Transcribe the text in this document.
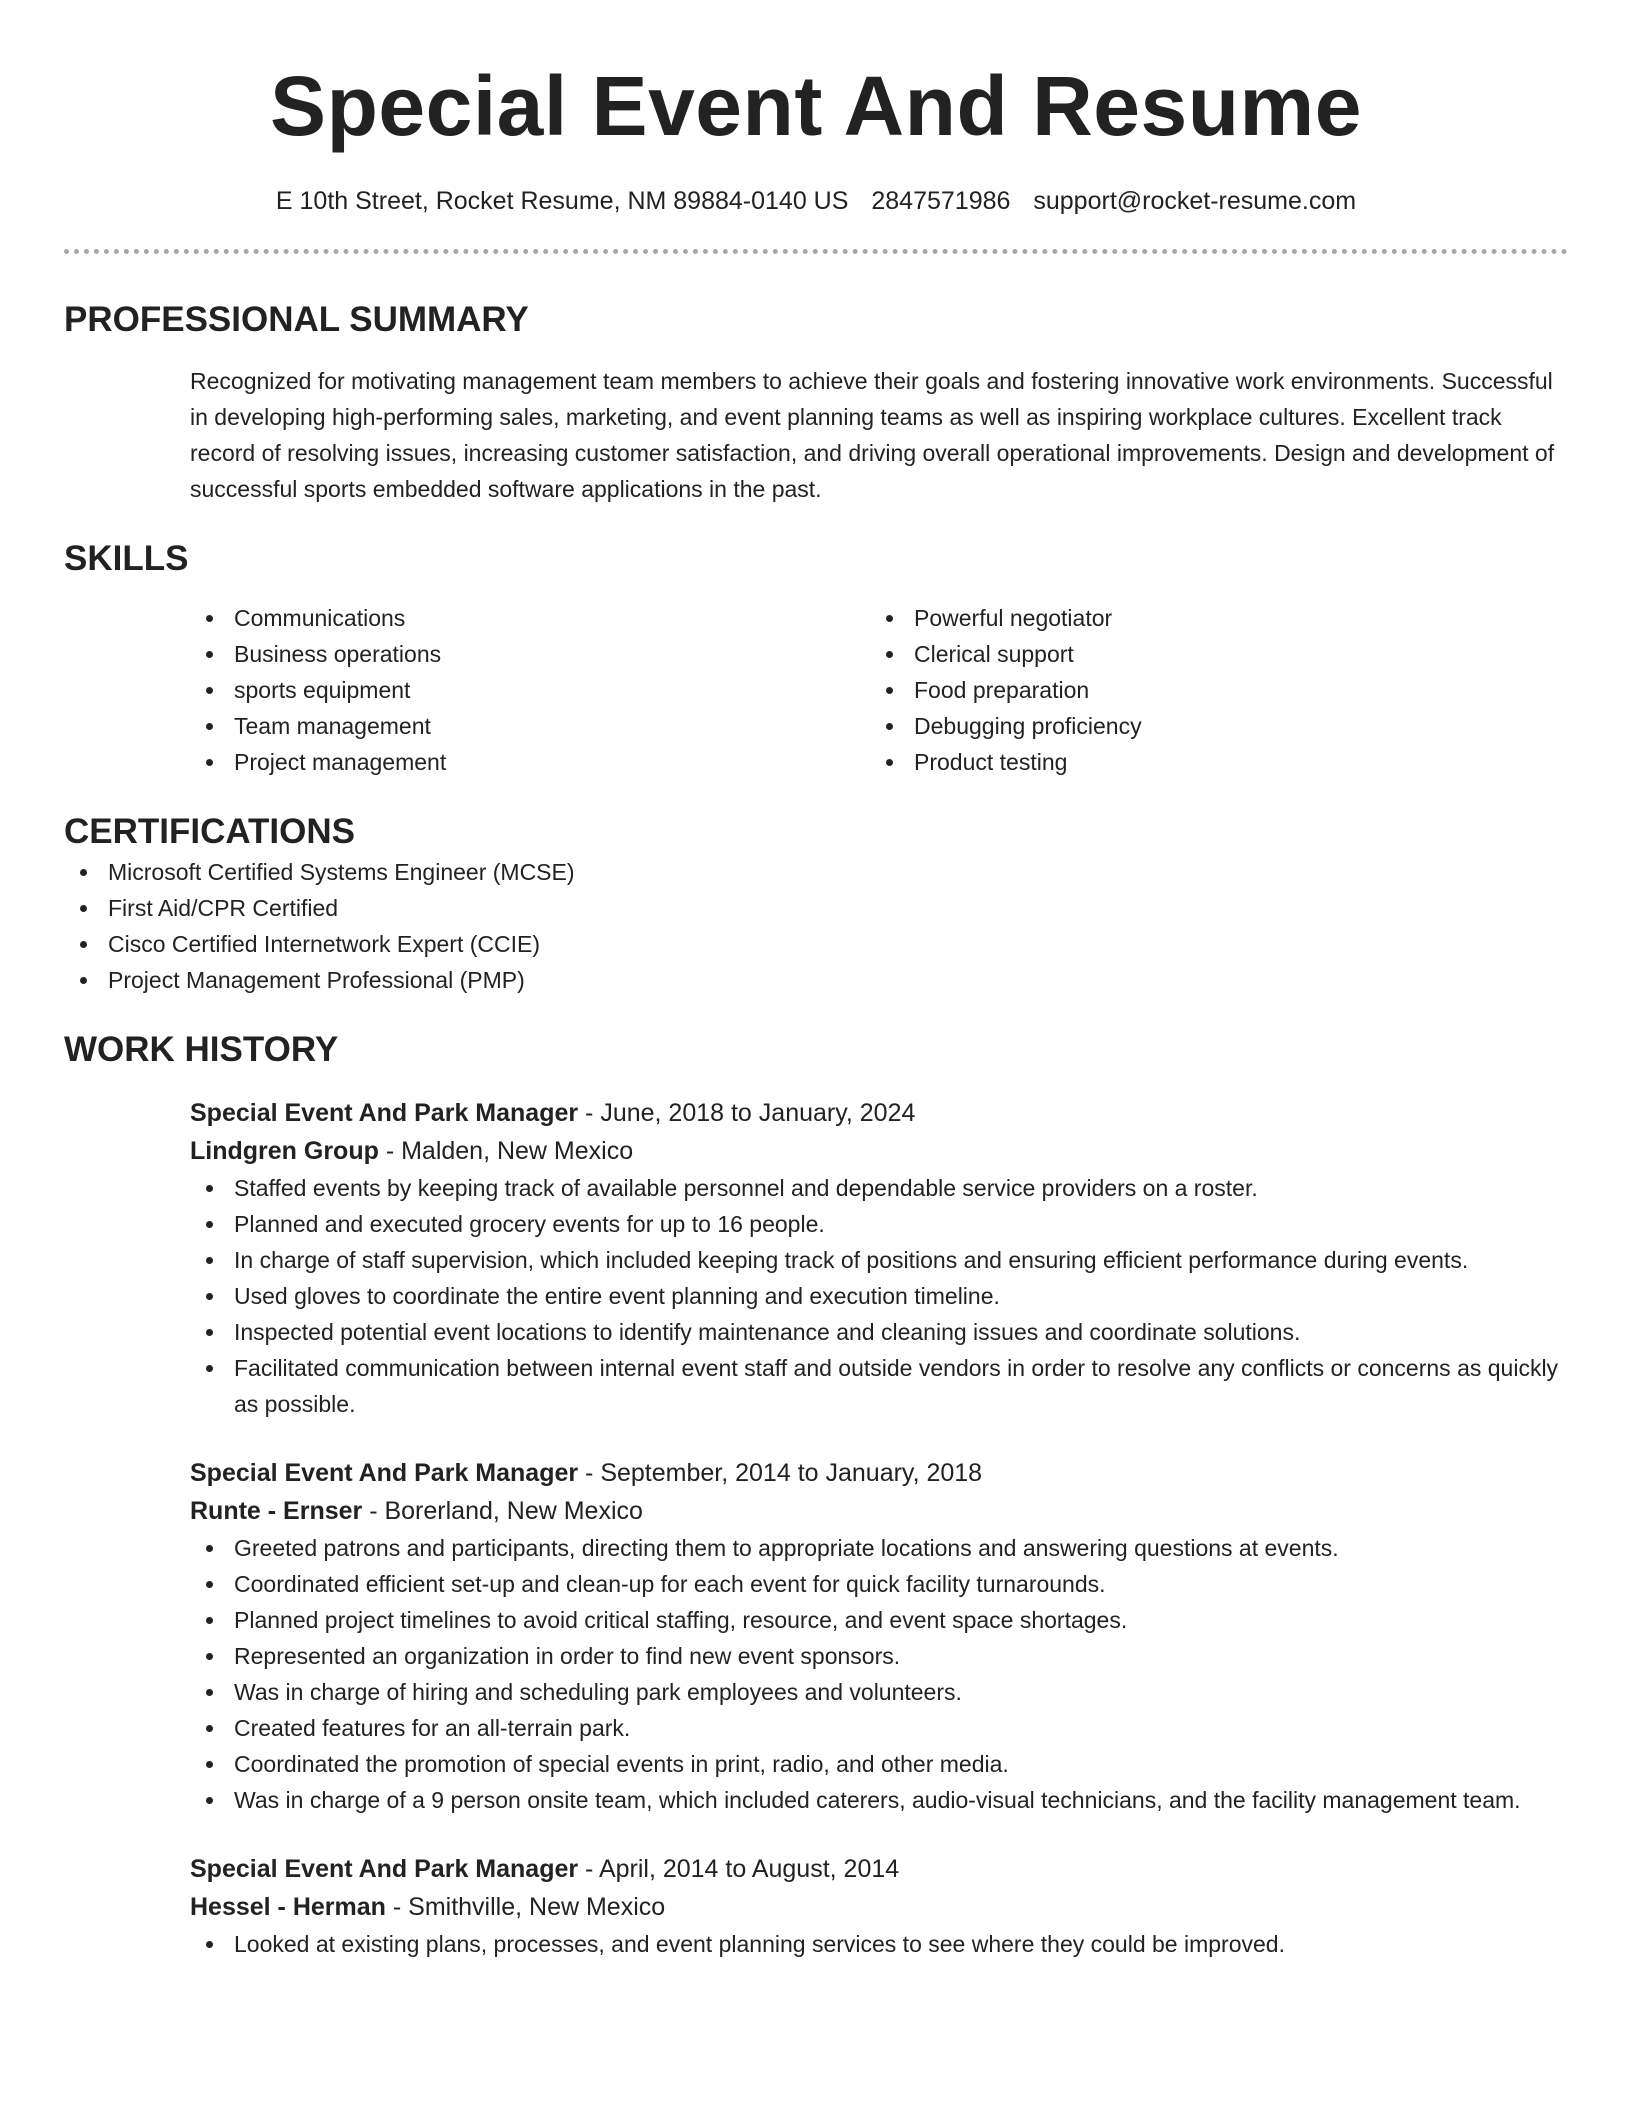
Special Event And Resume
E 10th Street, Rocket Resume, NM 89884-0140 US 2847571986 support@rocket-resume.com
PROFESSIONAL SUMMARY

Recognized for motivating management team members to achieve their goals and fostering innovative work environments. Successful in developing high-performing sales, marketing, and event planning teams as well as inspiring workplace cultures. Excellent track record of resolving issues, increasing customer satisfaction, and driving overall operational improvements. Design and development of successful sports embedded software applications in the past.

SKILLS
Communications
Business operations
sports equipment
Team management
Project management
Powerful negotiator
Clerical support
Food preparation
Debugging proficiency
Product testing
CERTIFICATIONS
Microsoft Certified Systems Engineer (MCSE)
First Aid/CPR Certified
Cisco Certified Internetwork Expert (CCIE)
Project Management Professional (PMP)
WORK HISTORY
Special Event And Park Manager - June, 2018 to January, 2024
Lindgren Group - Malden, New Mexico
Staffed events by keeping track of available personnel and dependable service providers on a roster.
Planned and executed grocery events for up to 16 people.
In charge of staff supervision, which included keeping track of positions and ensuring efficient performance during events.
Used gloves to coordinate the entire event planning and execution timeline.
Inspected potential event locations to identify maintenance and cleaning issues and coordinate solutions.
Facilitated communication between internal event staff and outside vendors in order to resolve any conflicts or concerns as quickly as possible.
Special Event And Park Manager - September, 2014 to January, 2018
Runte - Ernser - Borerland, New Mexico
Greeted patrons and participants, directing them to appropriate locations and answering questions at events.
Coordinated efficient set-up and clean-up for each event for quick facility turnarounds.
Planned project timelines to avoid critical staffing, resource, and event space shortages.
Represented an organization in order to find new event sponsors.
Was in charge of hiring and scheduling park employees and volunteers.
Created features for an all-terrain park.
Coordinated the promotion of special events in print, radio, and other media.
Was in charge of a 9 person onsite team, which included caterers, audio-visual technicians, and the facility management team.
Special Event And Park Manager - April, 2014 to August, 2014
Hessel - Herman - Smithville, New Mexico
Looked at existing plans, processes, and event planning services to see where they could be improved.
